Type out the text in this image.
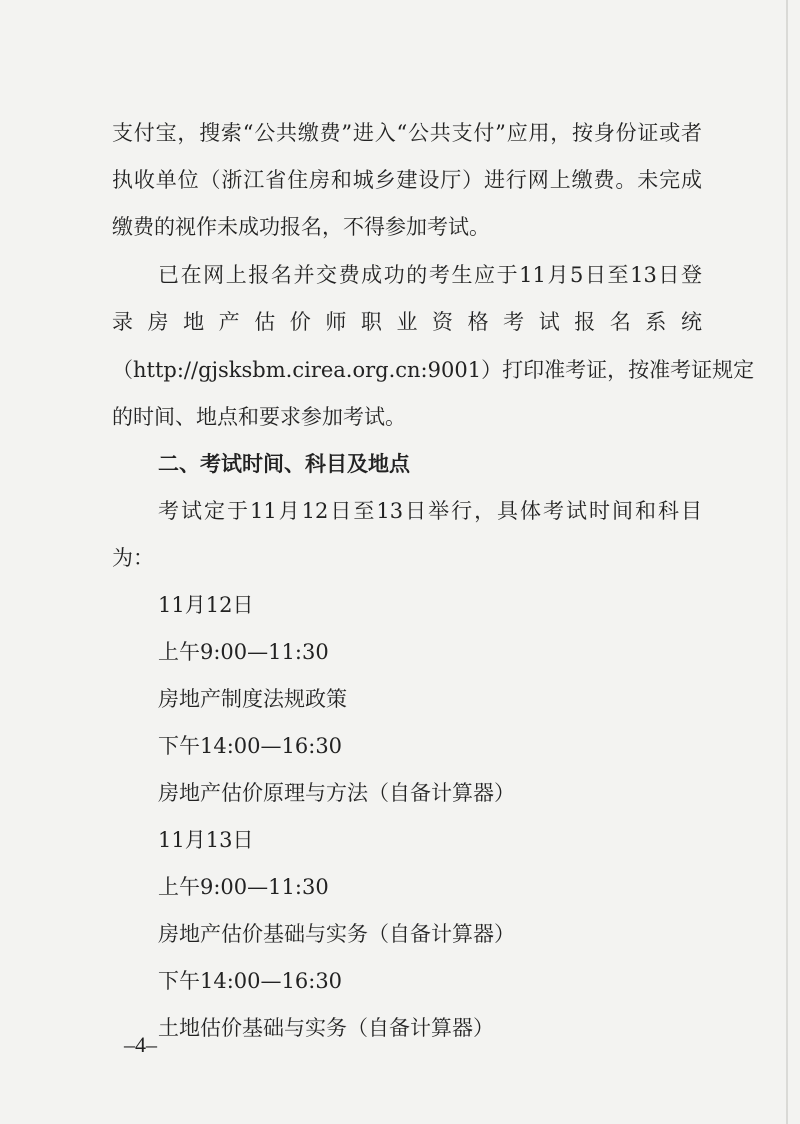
支付宝，搜索“公共缴费”进入“公共支付”应用，按身份证或者
执收单位（浙江省住房和城乡建设厅）进行网上缴费。未完成
缴费的视作未成功报名，不得参加考试。
已在网上报名并交费成功的考生应于11月5日至13日登
录房地产估价师职业资格考试报名系统
（http://gjsksbm.cirea.org.cn:9001）打印准考证，按准考证规定
的时间、地点和要求参加考试。
二、考试时间、科目及地点
考试定于11月12日至13日举行，具体考试时间和科目
为：
11月12日
上午9:00—11:30
房地产制度法规政策
下午14:00—16:30
房地产估价原理与方法（自备计算器）
11月13日
上午9:00—11:30
房地产估价基础与实务（自备计算器）
下午14:00—16:30
土地估价基础与实务（自备计算器）
–4–
